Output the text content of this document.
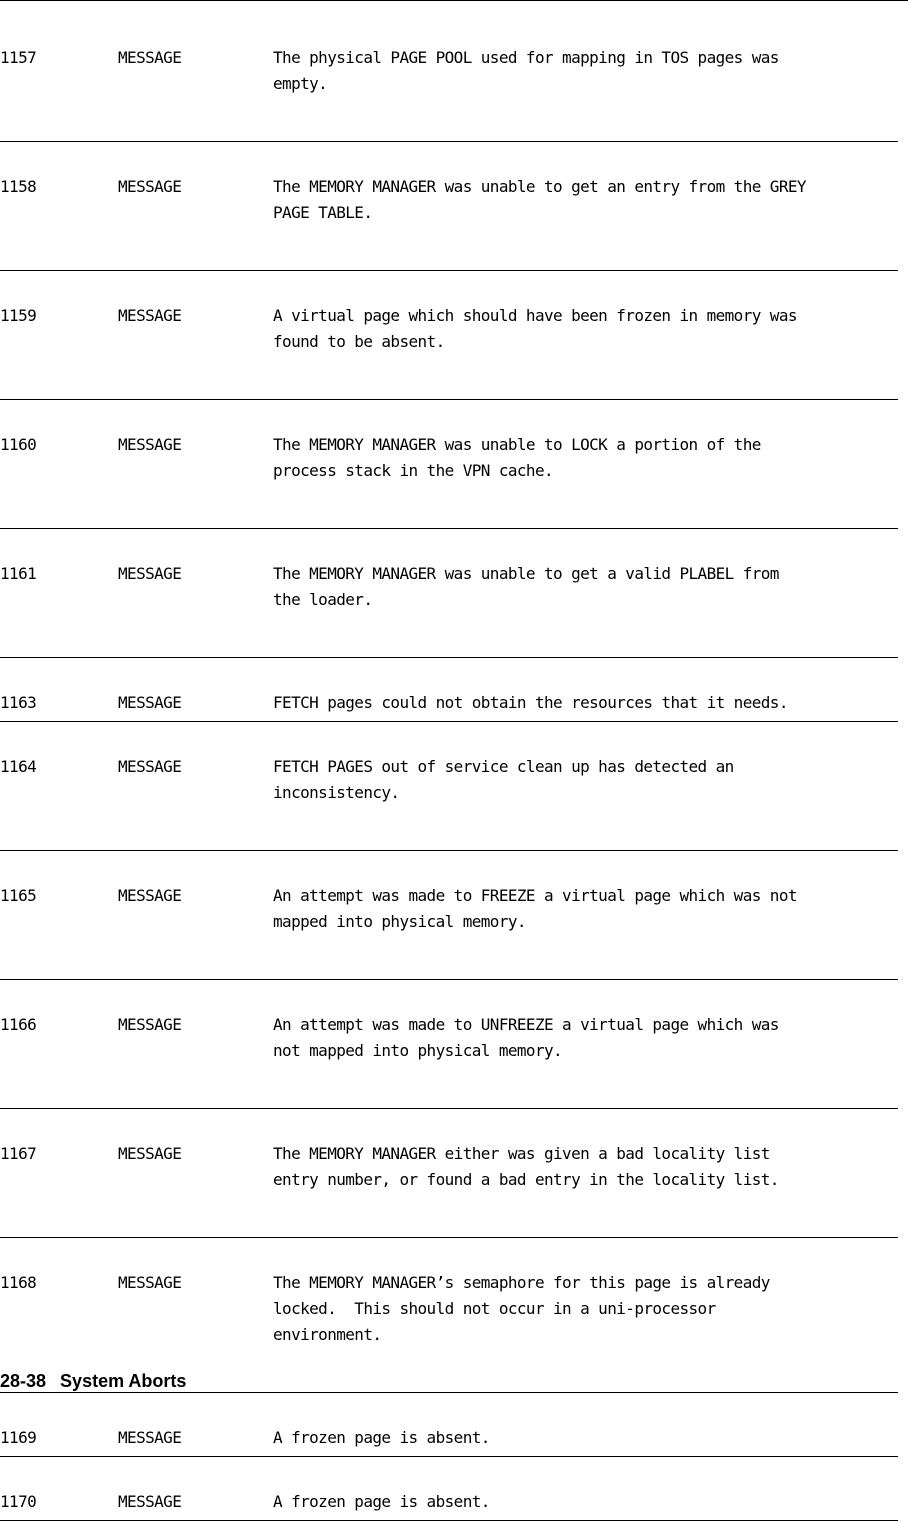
1157	MESSAGE	The physical PAGE POOL used for mapping in TOS pages was
empty.
1158	MESSAGE	The MEMORY MANAGER was unable to get an entry from the GREY
PAGE TABLE.
1159	MESSAGE	A virtual page which should have been frozen in memory was
found to be absent.
1160	MESSAGE	The MEMORY MANAGER was unable to LOCK a portion of the
process stack in the VPN cache.
1161	MESSAGE	The MEMORY MANAGER was unable to get a valid PLABEL from
the loader.
1163	MESSAGE	FETCH pages could not obtain the resources that it needs.
1164	MESSAGE	FETCH PAGES out of service clean up has detected an
inconsistency.
1165	MESSAGE	An attempt was made to FREEZE a virtual page which was not
mapped into physical memory.
1166	MESSAGE	An attempt was made to UNFREEZE a virtual page which was
not mapped into physical memory.
1167	MESSAGE	The MEMORY MANAGER either was given a bad locality list
entry number, or found a bad entry in the locality list.
1168	MESSAGE	The MEMORY MANAGER’s semaphore for this page is already
locked.  This should not occur in a uni-processor
environment.
1169	MESSAGE	A frozen page is absent.
1170	MESSAGE	A frozen page is absent.
28-38 System Aborts
